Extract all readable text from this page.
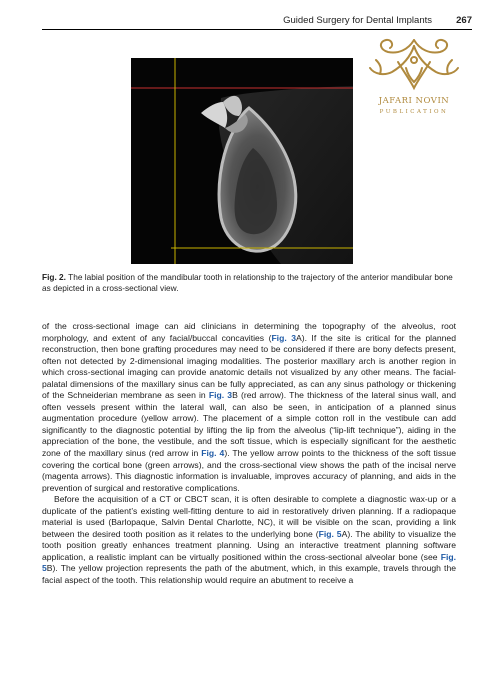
Guided Surgery for Dental Implants	267
JAFARI NOVIN
PUBLICATION
Fig. 2. The labial position of the mandibular tooth in relationship to the trajectory of the anterior mandibular bone as depicted in a cross-sectional view.

of the cross-sectional image can aid clinicians in determining the topography of the alveolus, root morphology, and extent of any facial/buccal concavities (Fig. 3A). If the site is critical for the planned reconstruction, then bone grafting procedures may need to be considered if there are bony defects present, often not detected by 2-dimensional imaging modalities. The posterior maxillary arch is another region in which cross-sectional imaging can provide anatomic details not visualized by any other means. The facial-palatal dimensions of the maxillary sinus can be fully appreciated, as can any sinus pathology or thickening of the Schneiderian membrane as seen in Fig. 3B (red arrow). The thickness of the lateral sinus wall, and often vessels present within the lateral wall, can also be seen, in anticipation of a planned sinus augmentation procedure (yellow arrow). The placement of a simple cotton roll in the vestibule can add significantly to the diagnostic potential by lifting the lip from the alveolus (“lip-lift technique”), aiding in the appreciation of the bone, the vestibule, and the soft tissue, which is especially significant for the aesthetic zone of the maxillary sinus (red arrow in Fig. 4). The yellow arrow points to the thickness of the soft tissue covering the cortical bone (green arrows), and the cross-sectional view shows the path of the incisal nerve (magenta arrows). This diagnostic information is invaluable, improves accuracy of planning, and aids in the prevention of surgical and restorative complications.

Before the acquisition of a CT or CBCT scan, it is often desirable to complete a diagnostic wax-up or a duplicate of the patient’s existing well-fitting denture to aid in restoratively driven planning. If a radiopaque material is used (Barlopaque, Salvin Dental Charlotte, NC), it will be visible on the scan, providing a link between the desired tooth position as it relates to the underlying bone (Fig. 5A). The ability to visualize the tooth position greatly enhances treatment planning. Using an interactive treatment planning software application, a realistic implant can be virtually positioned within the cross-sectional alveolar bone (see Fig. 5B). The yellow projection represents the path of the abutment, which, in this example, travels through the facial aspect of the tooth. This relationship would require an abutment to receive a
